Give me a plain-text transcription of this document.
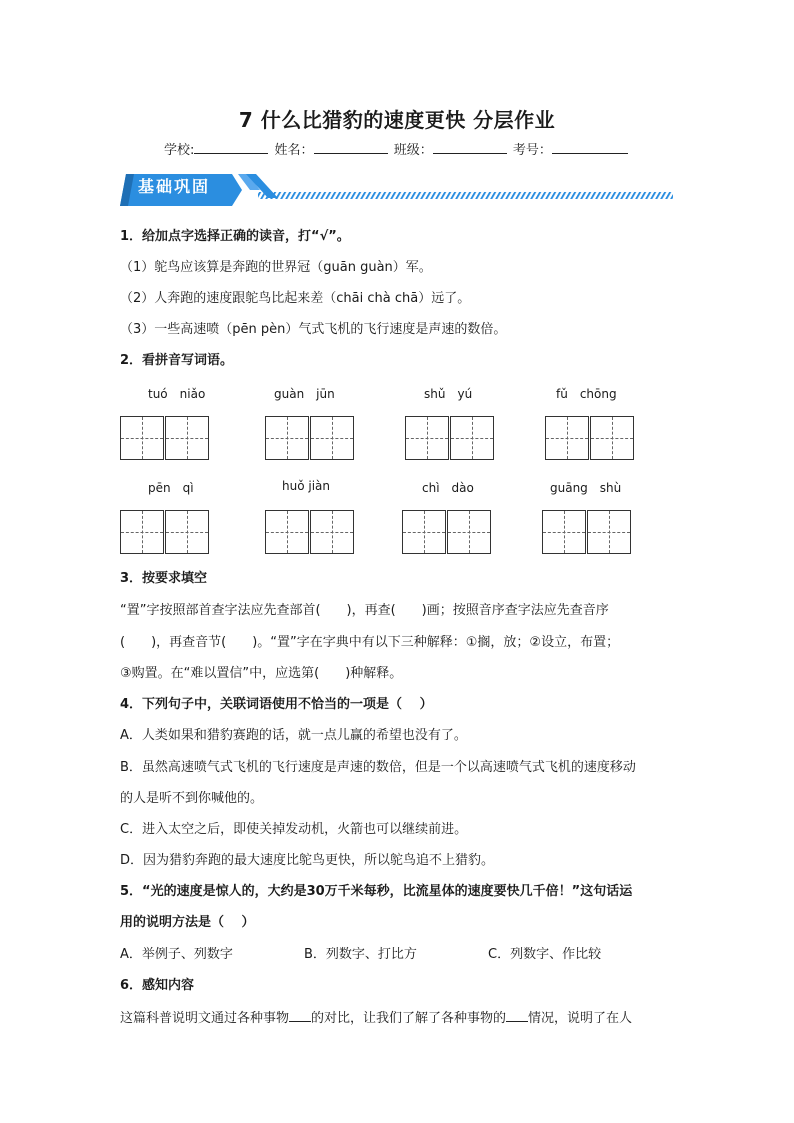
7 什么比猎豹的速度更快 分层作业
学校:	姓名：	班级：	考号：
基础巩固
1．给加点字选择正确的读音，打“√”。
（1）鸵鸟应该算是奔跑的世界冠（guān guàn）军。
（2）人奔跑的速度跟鸵鸟比起来差（chāi chà chā）远了。
（3）一些高速喷（pēn pèn）气式飞机的飞行速度是声速的数倍。
2．看拼音写词语。
tuó　niǎo	guàn　jūn	shǔ　yú	fǔ　chōng
pēn　qì	huǒ jiàn	chì　dào	guāng　shù
3．按要求填空
“置”字按照部首查字法应先查部首(　　)，再查(　　)画；按照音序查字法应先查音序
(　　)，再查音节(　　)。“置”字在字典中有以下三种解释：①搁，放；②设立，布置；
③购置。在“难以置信”中，应选第(　　)种解释。
4．下列句子中，关联词语使用不恰当的一项是（　 ）
A．人类如果和猎豹赛跑的话，就一点儿赢的希望也没有了。
B．虽然高速喷气式飞机的飞行速度是声速的数倍，但是一个以高速喷气式飞机的速度移动
的人是听不到你喊他的。
C．进入太空之后，即使关掉发动机，火箭也可以继续前进。
D．因为猎豹奔跑的最大速度比鸵鸟更快，所以鸵鸟追不上猎豹。
5．“光的速度是惊人的，大约是30万千米每秒，比流星体的速度要快几千倍！”这句话运
用的说明方法是（　 ）
A．举例子、列数字	B．列数字、打比方	C．列数字、作比较
6．感知内容
这篇科普说明文通过各种事物 的对比，让我们了解了各种事物的 情况，说明了在人
